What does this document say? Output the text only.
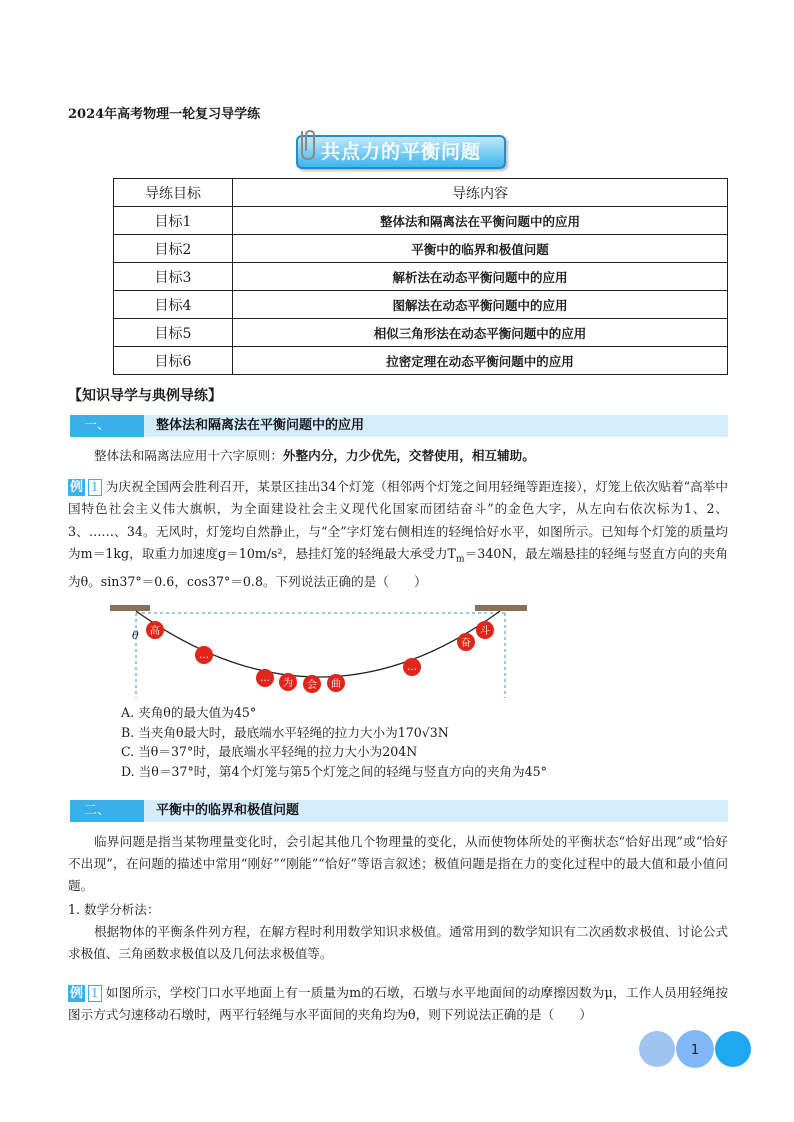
2024年高考物理一轮复习导学练
共点力的平衡问题
导练目标	导练内容
目标1	整体法和隔离法在平衡问题中的应用
目标2	平衡中的临界和极值问题
目标3	解析法在动态平衡问题中的应用
目标4	图解法在动态平衡问题中的应用
目标5	相似三角形法在动态平衡问题中的应用
目标6	拉密定理在动态平衡问题中的应用
【知识导学与典例导练】
一、	整体法和隔离法在平衡问题中的应用
整体法和隔离法应用十六字原则：外整内分，力少优先，交替使用，相互辅助。
例 1 为庆祝全国两会胜利召开，某景区挂出34个灯笼（相邻两个灯笼之间用轻绳等距连接），灯笼上依次贴着“高举中国特色社会主义伟大旗帜，为全面建设社会主义现代化国家而团结奋斗”的金色大字，从左向右依次标为1、2、3、……、34。无风时，灯笼均自然静止，与“全”字灯笼右侧相连的轻绳恰好水平，如图所示。已知每个灯笼的质量均为m＝1kg，取重力加速度g＝10m/s²，悬挂灯笼的轻绳最大承受力$T_m=340N$，最左端悬挂的轻绳与竖直方向的夹角为θ。sin37°＝0.6，cos37°＝0.8。下列说法正确的是（　　）
θ 高
…
… 为 会 曲
…
奋
斗
A. 夹角θ的最大值为45°
B. 当夹角θ最大时，最底端水平轻绳的拉力大小为170√3N
C. 当θ＝37°时，最底端水平轻绳的拉力大小为204N
D. 当θ＝37°时，第4个灯笼与第5个灯笼之间的轻绳与竖直方向的夹角为45°
二、	平衡中的临界和极值问题
临界问题是指当某物理量变化时，会引起其他几个物理量的变化，从而使物体所处的平衡状态“恰好出现”或“恰好不出现”，在问题的描述中常用“刚好”“刚能”“恰好”等语言叙述；极值问题是指在力的变化过程中的最大值和最小值问题。
1. 数学分析法：
根据物体的平衡条件列方程，在解方程时利用数学知识求极值。通常用到的数学知识有二次函数求极值、讨论公式求极值、三角函数求极值以及几何法求极值等。
例 1 如图所示，学校门口水平地面上有一质量为m的石墩，石墩与水平地面间的动摩擦因数为μ，工作人员用轻绳按图示方式匀速移动石墩时，两平行轻绳与水平面间的夹角均为θ，则下列说法正确的是（　　）
1
